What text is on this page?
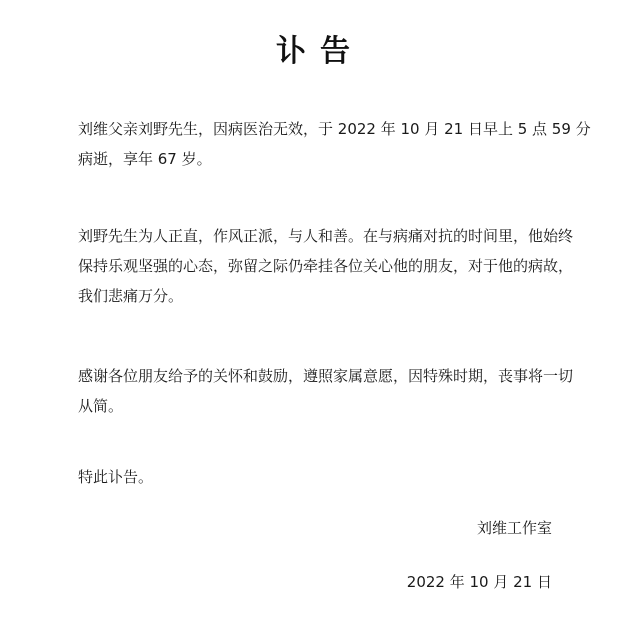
讣告

刘维父亲刘野先生，因病医治无效，于 2022 年 10 月 21 日早上 5 点 59 分
病逝，享年 67 岁。

刘野先生为人正直，作风正派，与人和善。在与病痛对抗的时间里，他始终
保持乐观坚强的心态，弥留之际仍牵挂各位关心他的朋友，对于他的病故，
我们悲痛万分。

感谢各位朋友给予的关怀和鼓励，遵照家属意愿，因特殊时期，丧事将一切
从简。

特此讣告。

刘维工作室
2022 年 10 月 21 日
